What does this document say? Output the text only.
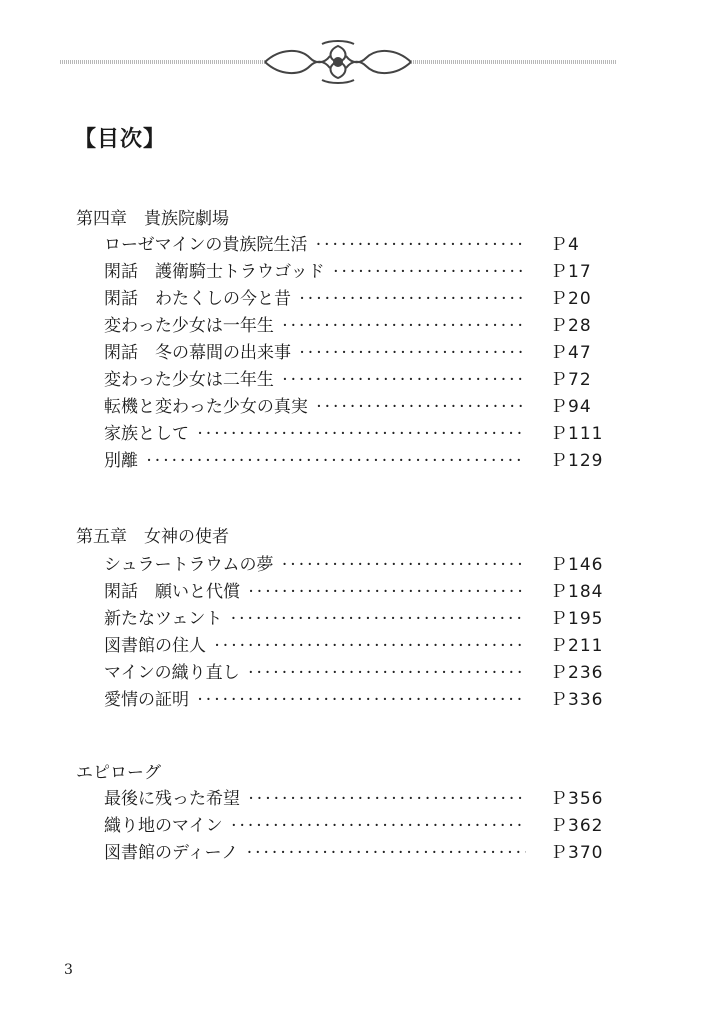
【目次】
第四章　貴族院劇場
ローゼマインの貴族院生活 ·····	Ｐ4
閑話　護衛騎士トラウゴッド ·····	Ｐ17
閑話　わたくしの今と昔 ·····	Ｐ20
変わった少女は一年生 ·····	Ｐ28
閑話　冬の幕間の出来事 ·····	Ｐ47
変わった少女は二年生 ·····	Ｐ72
転機と変わった少女の真実 ·····	Ｐ94
家族として ·····	Ｐ111
別離 ·····	Ｐ129
第五章　女神の使者
シュラートラウムの夢 ·····	Ｐ146
閑話　願いと代償 ·····	Ｐ184
新たなツェント ·····	Ｐ195
図書館の住人 ·····	Ｐ211
マインの織り直し ·····	Ｐ236
愛情の証明 ·····	Ｐ336
エピローグ
最後に残った希望 ·····	Ｐ356
織り地のマイン ·····	Ｐ362
図書館のディーノ ·····	Ｐ370
3
